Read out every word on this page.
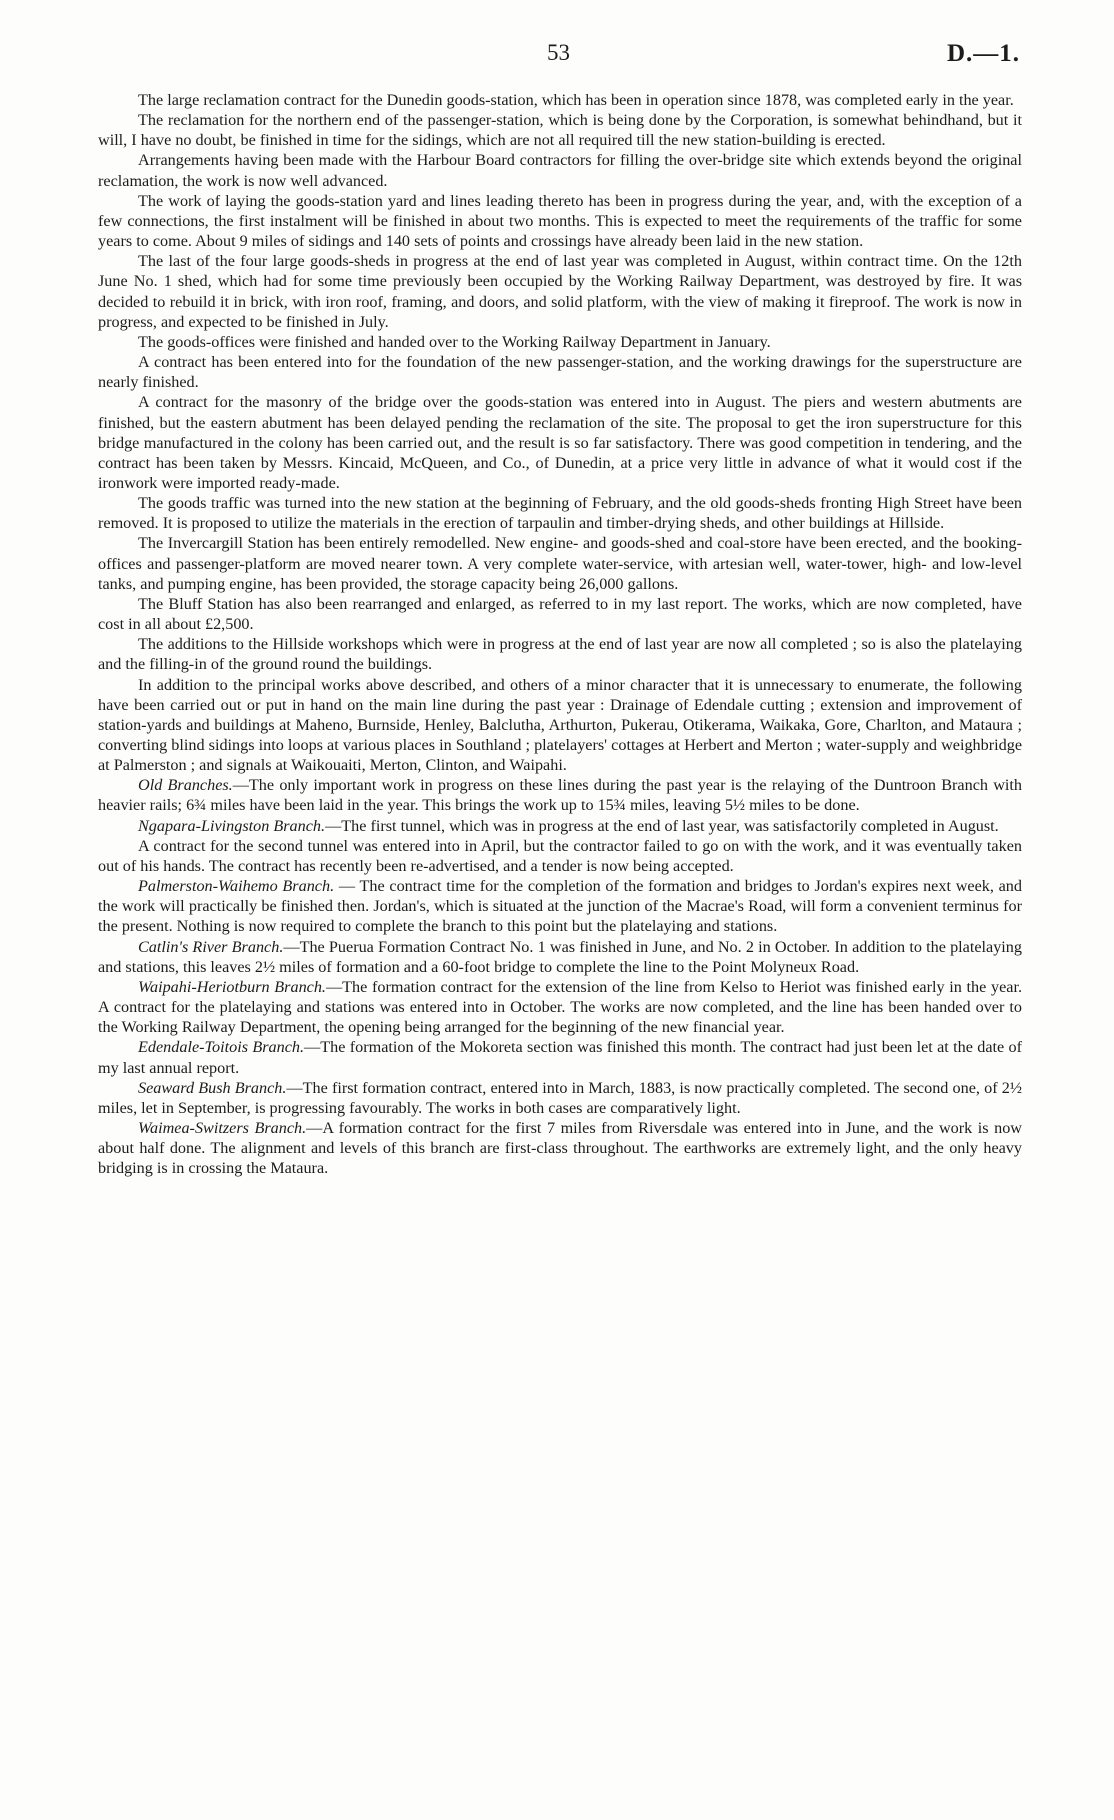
53	D.—1.

The large reclamation contract for the Dunedin goods-station, which has been in operation since 1878, was completed early in the year.

The reclamation for the northern end of the passenger-station, which is being done by the Corporation, is somewhat behindhand, but it will, I have no doubt, be finished in time for the sidings, which are not all required till the new station-building is erected.

Arrangements having been made with the Harbour Board contractors for filling the over-bridge site which extends beyond the original reclamation, the work is now well advanced.

The work of laying the goods-station yard and lines leading thereto has been in progress during the year, and, with the exception of a few connections, the first instalment will be finished in about two months. This is expected to meet the requirements of the traffic for some years to come. About 9 miles of sidings and 140 sets of points and crossings have already been laid in the new station.

The last of the four large goods-sheds in progress at the end of last year was completed in August, within contract time. On the 12th June No. 1 shed, which had for some time previously been occupied by the Working Railway Department, was destroyed by fire. It was decided to rebuild it in brick, with iron roof, framing, and doors, and solid platform, with the view of making it fireproof. The work is now in progress, and expected to be finished in July.

The goods-offices were finished and handed over to the Working Railway Department in January.

A contract has been entered into for the foundation of the new passenger-station, and the working drawings for the superstructure are nearly finished.

A contract for the masonry of the bridge over the goods-station was entered into in August. The piers and western abutments are finished, but the eastern abutment has been delayed pending the reclamation of the site. The proposal to get the iron superstructure for this bridge manufactured in the colony has been carried out, and the result is so far satisfactory. There was good competition in tendering, and the contract has been taken by Messrs. Kincaid, McQueen, and Co., of Dunedin, at a price very little in advance of what it would cost if the ironwork were imported ready-made.

The goods traffic was turned into the new station at the beginning of February, and the old goods-sheds fronting High Street have been removed. It is proposed to utilize the materials in the erection of tarpaulin and timber-drying sheds, and other buildings at Hillside.

The Invercargill Station has been entirely remodelled. New engine- and goods-shed and coal-store have been erected, and the booking-offices and passenger-platform are moved nearer town. A very complete water-service, with artesian well, water-tower, high- and low-level tanks, and pumping engine, has been provided, the storage capacity being 26,000 gallons.

The Bluff Station has also been rearranged and enlarged, as referred to in my last report. The works, which are now completed, have cost in all about £2,500.

The additions to the Hillside workshops which were in progress at the end of last year are now all completed ; so is also the platelaying and the filling-in of the ground round the buildings.

In addition to the principal works above described, and others of a minor character that it is unnecessary to enumerate, the following have been carried out or put in hand on the main line during the past year : Drainage of Edendale cutting ; extension and improvement of station-yards and buildings at Maheno, Burnside, Henley, Balclutha, Arthurton, Pukerau, Otikerama, Waikaka, Gore, Charlton, and Mataura ; converting blind sidings into loops at various places in Southland ; platelayers' cottages at Herbert and Merton ; water-supply and weighbridge at Palmerston ; and signals at Waikouaiti, Merton, Clinton, and Waipahi.

Old Branches.—The only important work in progress on these lines during the past year is the relaying of the Duntroon Branch with heavier rails; 6¾ miles have been laid in the year. This brings the work up to 15¾ miles, leaving 5½ miles to be done.

Ngapara-Livingston Branch.—The first tunnel, which was in progress at the end of last year, was satisfactorily completed in August.

A contract for the second tunnel was entered into in April, but the contractor failed to go on with the work, and it was eventually taken out of his hands. The contract has recently been re-advertised, and a tender is now being accepted.

Palmerston-Waihemo Branch. — The contract time for the completion of the formation and bridges to Jordan's expires next week, and the work will practically be finished then. Jordan's, which is situated at the junction of the Macrae's Road, will form a convenient terminus for the present. Nothing is now required to complete the branch to this point but the platelaying and stations.

Catlin's River Branch.—The Puerua Formation Contract No. 1 was finished in June, and No. 2 in October. In addition to the platelaying and stations, this leaves 2½ miles of formation and a 60-foot bridge to complete the line to the Point Molyneux Road.

Waipahi-Heriotburn Branch.—The formation contract for the extension of the line from Kelso to Heriot was finished early in the year. A contract for the platelaying and stations was entered into in October. The works are now completed, and the line has been handed over to the Working Railway Department, the opening being arranged for the beginning of the new financial year.

Edendale-Toitois Branch.—The formation of the Mokoreta section was finished this month. The contract had just been let at the date of my last annual report.

Seaward Bush Branch.—The first formation contract, entered into in March, 1883, is now practically completed. The second one, of 2½ miles, let in September, is progressing favourably. The works in both cases are comparatively light.

Waimea-Switzers Branch.—A formation contract for the first 7 miles from Riversdale was entered into in June, and the work is now about half done. The alignment and levels of this branch are first-class throughout. The earthworks are extremely light, and the only heavy bridging is in crossing the Mataura.
